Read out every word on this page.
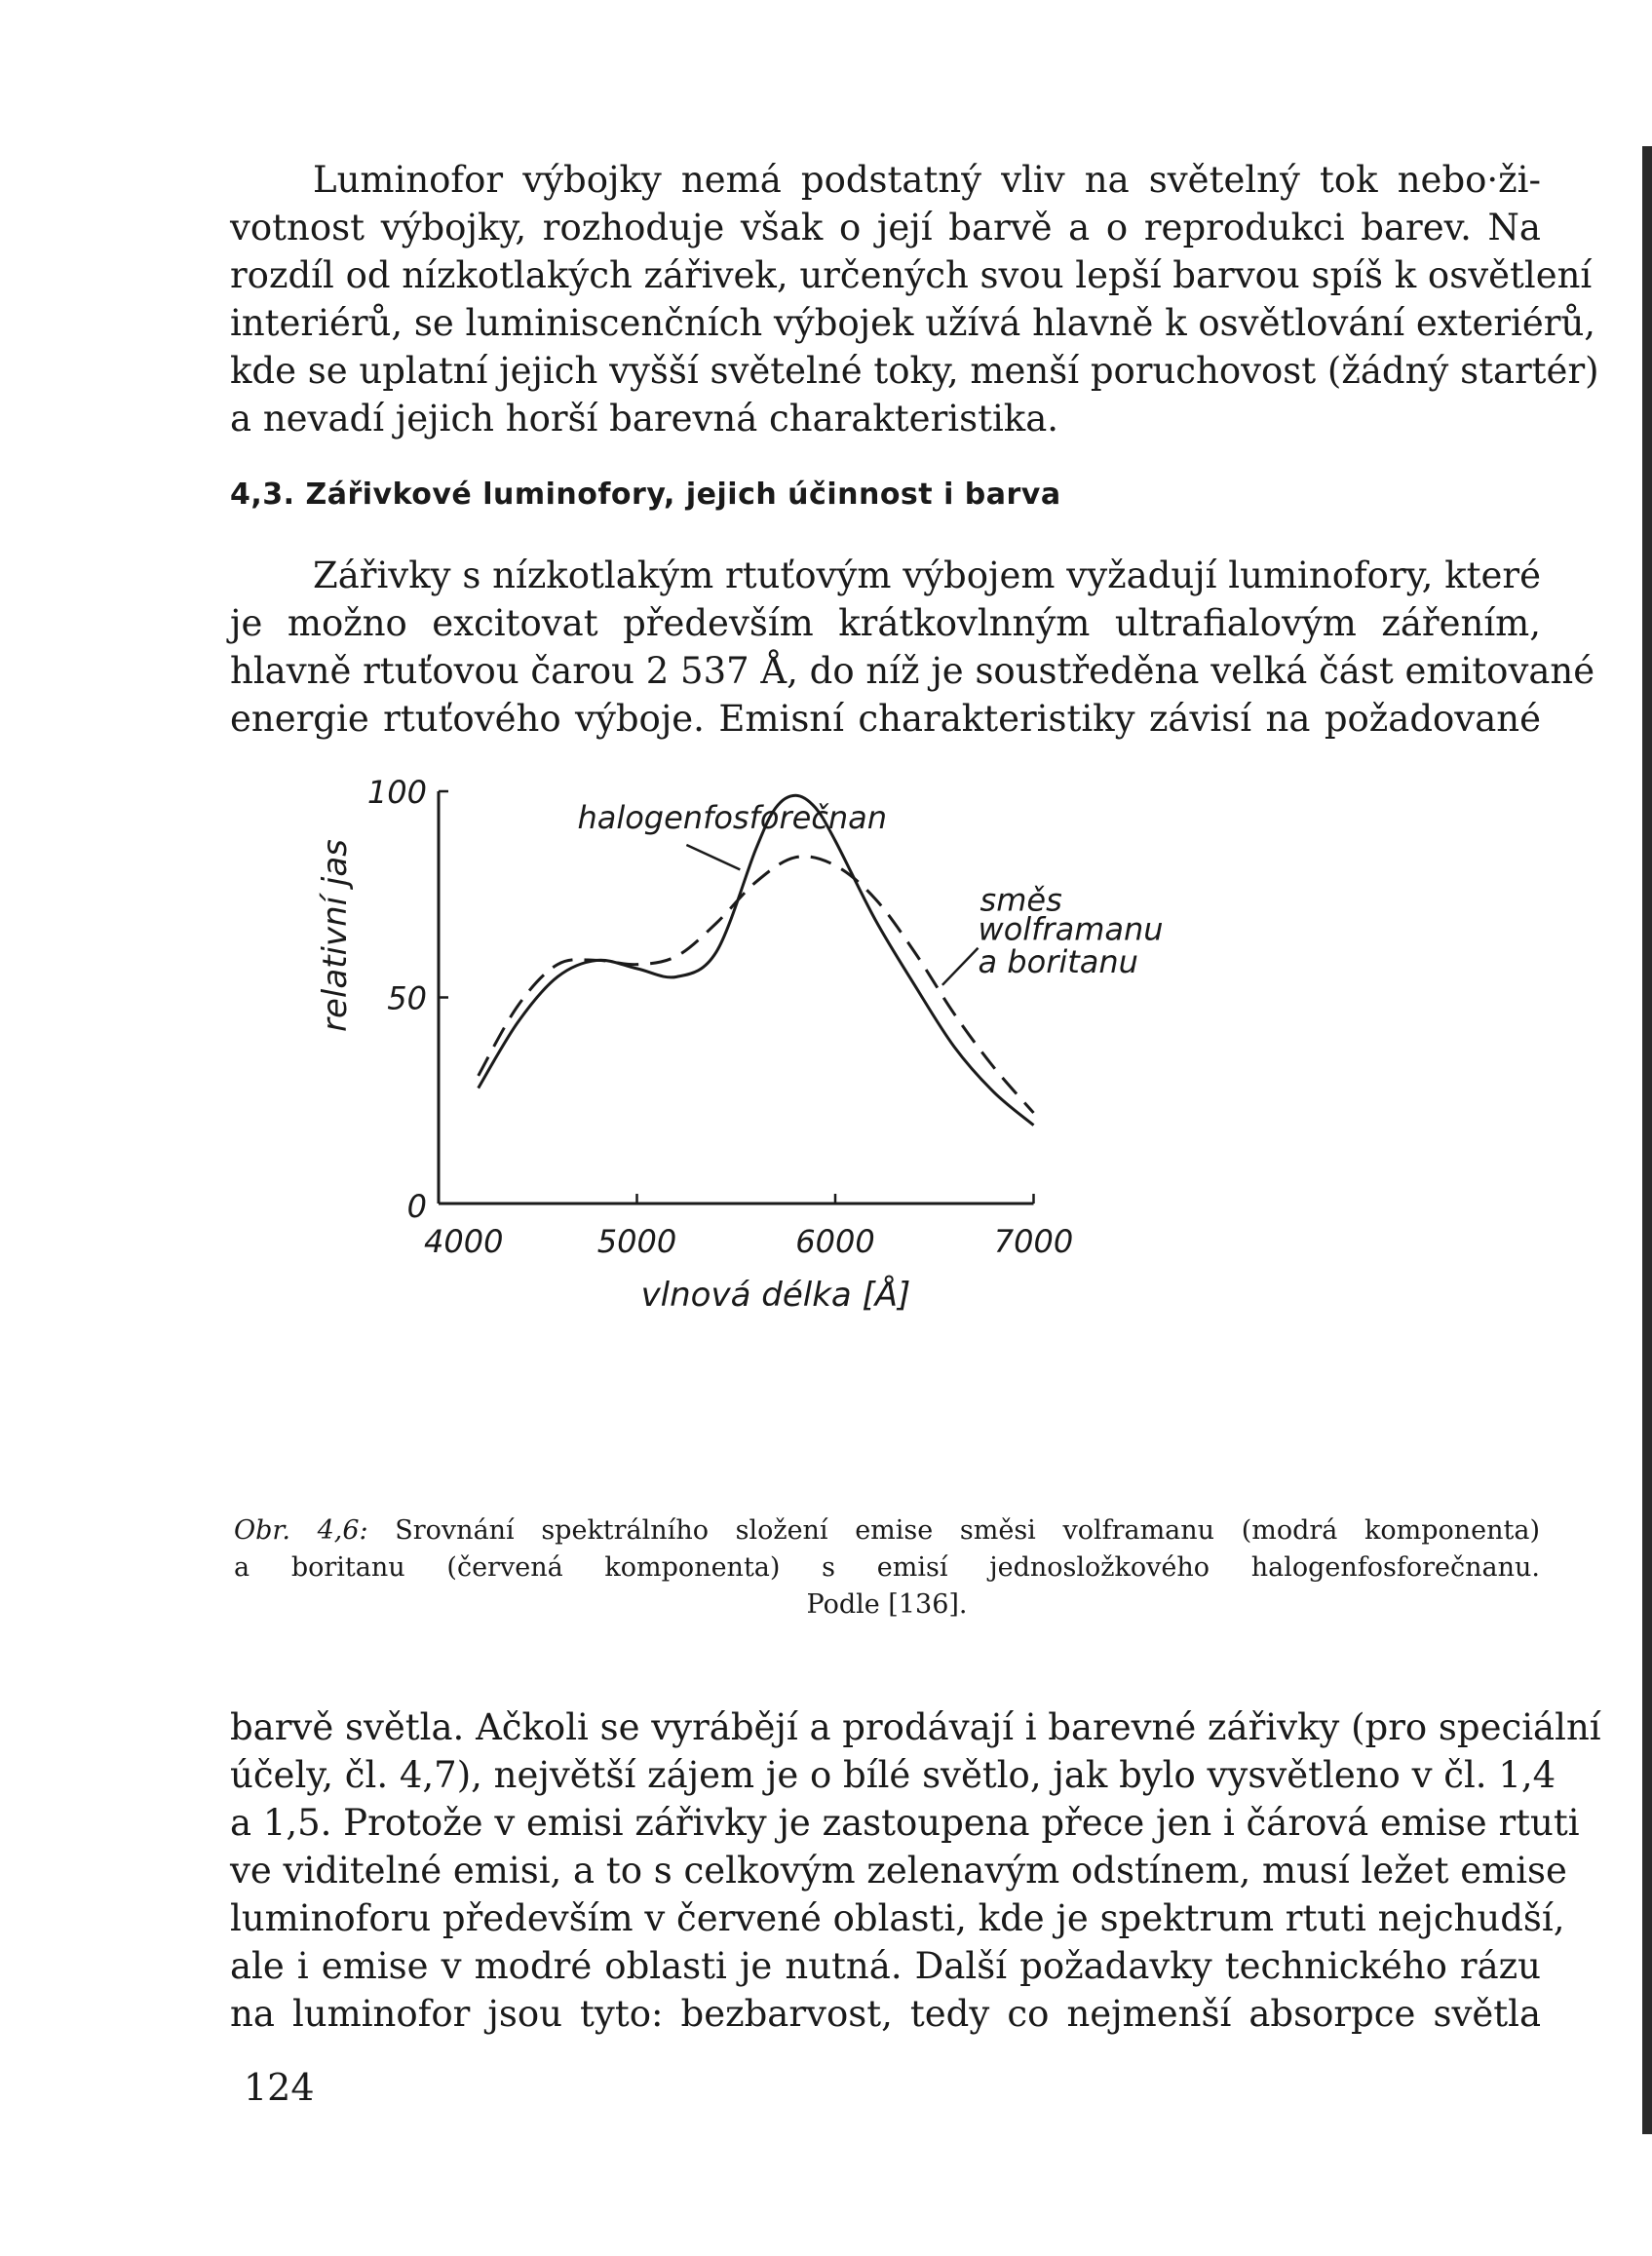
Luminofor výbojky nemá podstatný vliv na světelný tok nebo·ži-
votnost výbojky, rozhoduje však o její barvě a o reprodukci barev. Na
rozdíl od nízkotlakých zářivek, určených svou lepší barvou spíš k osvětlení
interiérů, se luminiscenčních výbojek užívá hlavně k osvětlování exteriérů,
kde se uplatní jejich vyšší světelné toky, menší poruchovost (žádný startér)
a nevadí jejich horší barevná charakteristika.
4,3. Zářivkové luminofory, jejich účinnost i barva
Zářivky s nízkotlakým rtuťovým výbojem vyžadují luminofory, které
je možno excitovat především krátkovlnným ultrafialovým zářením,
hlavně rtuťovou čarou 2 537 Å, do níž je soustředěna velká část emitované
energie rtuťového výboje. Emisní charakteristiky závisí na požadované
4000	5000	6000	7000
0
50
100
relativní jas
vlnová délka [Å]
halogenfosforečnan
směs
wolframanu
a boritanu
Obr. 4,6: Srovnání spektrálního složení emise směsi volframanu (modrá komponenta)
a boritanu (červená komponenta) s emisí jednosložkového halogenfosforečnanu.
Podle [136].
barvě světla. Ačkoli se vyrábějí a prodávají i barevné zářivky (pro speciální
účely, čl. 4,7), největší zájem je o bílé světlo, jak bylo vysvětleno v čl. 1,4
a 1,5. Protože v emisi zářivky je zastoupena přece jen i čárová emise rtuti
ve viditelné emisi, a to s celkovým zelenavým odstínem, musí ležet emise
luminoforu především v červené oblasti, kde je spektrum rtuti nejchudší,
ale i emise v modré oblasti je nutná. Další požadavky technického rázu
na luminofor jsou tyto: bezbarvost, tedy co nejmenší absorpce světla
124
